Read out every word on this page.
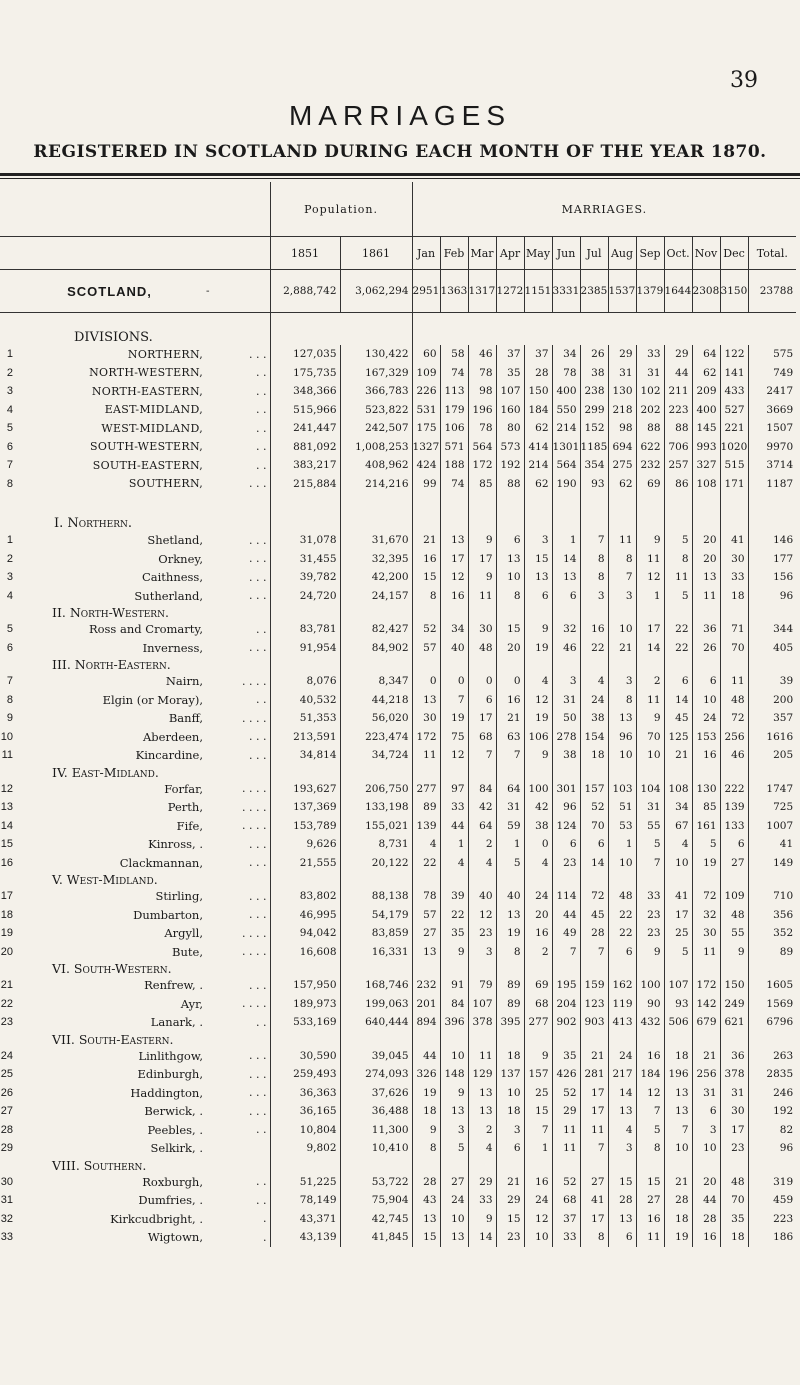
39
MARRIAGES
REGISTERED IN SCOTLAND DURING EACH MONTH OF THE YEAR 1870.
			Population.		MARRIAGES.												
			1851	1861	Jan	Feb	Mar	Apr	May	Jun	Jul	Aug	Sep	Oct.	Nov	Dec	Total.
	SCOTLAND,	-	2,888,742	3,062,294	2951	1363	1317	1272	1151	3331	2385	1537	1379	1644	2308	3150	23788
	DIVISIONS.																
1	NORTHERN,	. . .	127,035	130,422	60	58	46	37	37	34	26	29	33	29	64	122	575
2	NORTH-WESTERN,	. .	175,735	167,329	109	74	78	35	28	78	38	31	31	44	62	141	749
3	NORTH-EASTERN,	. .	348,366	366,783	226	113	98	107	150	400	238	130	102	211	209	433	2417
4	EAST-MIDLAND,	. .	515,966	523,822	531	179	196	160	184	550	299	218	202	223	400	527	3669
5	WEST-MIDLAND,	. .	241,447	242,507	175	106	78	80	62	214	152	98	88	88	145	221	1507
6	SOUTH-WESTERN,	. .	881,092	1,008,253	1327	571	564	573	414	1301	1185	694	622	706	993	1020	9970
7	SOUTH-EASTERN,	. .	383,217	408,962	424	188	172	192	214	564	354	275	232	257	327	515	3714
8	SOUTHERN,	. . .	215,884	214,216	99	74	85	88	62	190	93	62	69	86	108	171	1187
	I. Northern.																
1	Shetland,	. . .	31,078	31,670	21	13	9	6	3	1	7	11	9	5	20	41	146
2	Orkney,	. . .	31,455	32,395	16	17	17	13	15	14	8	8	11	8	20	30	177
3	Caithness,	. . .	39,782	42,200	15	12	9	10	13	13	8	7	12	11	13	33	156
4	Sutherland,	. . .	24,720	24,157	8	16	11	8	6	6	3	3	1	5	11	18	96
	II. North-Western.																
5	Ross and Cromarty,	. .	83,781	82,427	52	34	30	15	9	32	16	10	17	22	36	71	344
6	Inverness,	. . .	91,954	84,902	57	40	48	20	19	46	22	21	14	22	26	70	405
	III. North-Eastern.																
7	Nairn,	. . . .	8,076	8,347	0	0	0	0	4	3	4	3	2	6	6	11	39
8	Elgin (or Moray),	. .	40,532	44,218	13	7	6	16	12	31	24	8	11	14	10	48	200
9	Banff,	. . . .	51,353	56,020	30	19	17	21	19	50	38	13	9	45	24	72	357
10	Aberdeen,	. . .	213,591	223,474	172	75	68	63	106	278	154	96	70	125	153	256	1616
11	Kincardine,	. . .	34,814	34,724	11	12	7	7	9	38	18	10	10	21	16	46	205
	IV. East-Midland.																
12	Forfar,	. . . .	193,627	206,750	277	97	84	64	100	301	157	103	104	108	130	222	1747
13	Perth,	. . . .	137,369	133,198	89	33	42	31	42	96	52	51	31	34	85	139	725
14	Fife,	. . . .	153,789	155,021	139	44	64	59	38	124	70	53	55	67	161	133	1007
15	Kinross, .	. . .	9,626	8,731	4	1	2	1	0	6	6	1	5	4	5	6	41
16	Clackmannan,	. . .	21,555	20,122	22	4	4	5	4	23	14	10	7	10	19	27	149
	V. West-Midland.																
17	Stirling,	. . .	83,802	88,138	78	39	40	40	24	114	72	48	33	41	72	109	710
18	Dumbarton,	. . .	46,995	54,179	57	22	12	13	20	44	45	22	23	17	32	48	356
19	Argyll,	. . . .	94,042	83,859	27	35	23	19	16	49	28	22	23	25	30	55	352
20	Bute,	. . . .	16,608	16,331	13	9	3	8	2	7	7	6	9	5	11	9	89
	VI. South-Western.																
21	Renfrew, .	. . .	157,950	168,746	232	91	79	89	69	195	159	162	100	107	172	150	1605
22	Ayr,	. . . .	189,973	199,063	201	84	107	89	68	204	123	119	90	93	142	249	1569
23	Lanark, .	. .	533,169	640,444	894	396	378	395	277	902	903	413	432	506	679	621	6796
	VII. South-Eastern.																
24	Linlithgow,	. . .	30,590	39,045	44	10	11	18	9	35	21	24	16	18	21	36	263
25	Edinburgh,	. . .	259,493	274,093	326	148	129	137	157	426	281	217	184	196	256	378	2835
26	Haddington,	. . .	36,363	37,626	19	9	13	10	25	52	17	14	12	13	31	31	246
27	Berwick, .	. . .	36,165	36,488	18	13	13	18	15	29	17	13	7	13	6	30	192
28	Peebles, .	. .	10,804	11,300	9	3	2	3	7	11	11	4	5	7	3	17	82
29	Selkirk, .		9,802	10,410	8	5	4	6	1	11	7	3	8	10	10	23	96
	VIII. Southern.																
30	Roxburgh,	. .	51,225	53,722	28	27	29	21	16	52	27	15	15	21	20	48	319
31	Dumfries, .	. .	78,149	75,904	43	24	33	29	24	68	41	28	27	28	44	70	459
32	Kirkcudbright, .	.	43,371	42,745	13	10	9	15	12	37	17	13	16	18	28	35	223
33	Wigtown,	.	43,139	41,845	15	13	14	23	10	33	8	6	11	19	16	18	186
